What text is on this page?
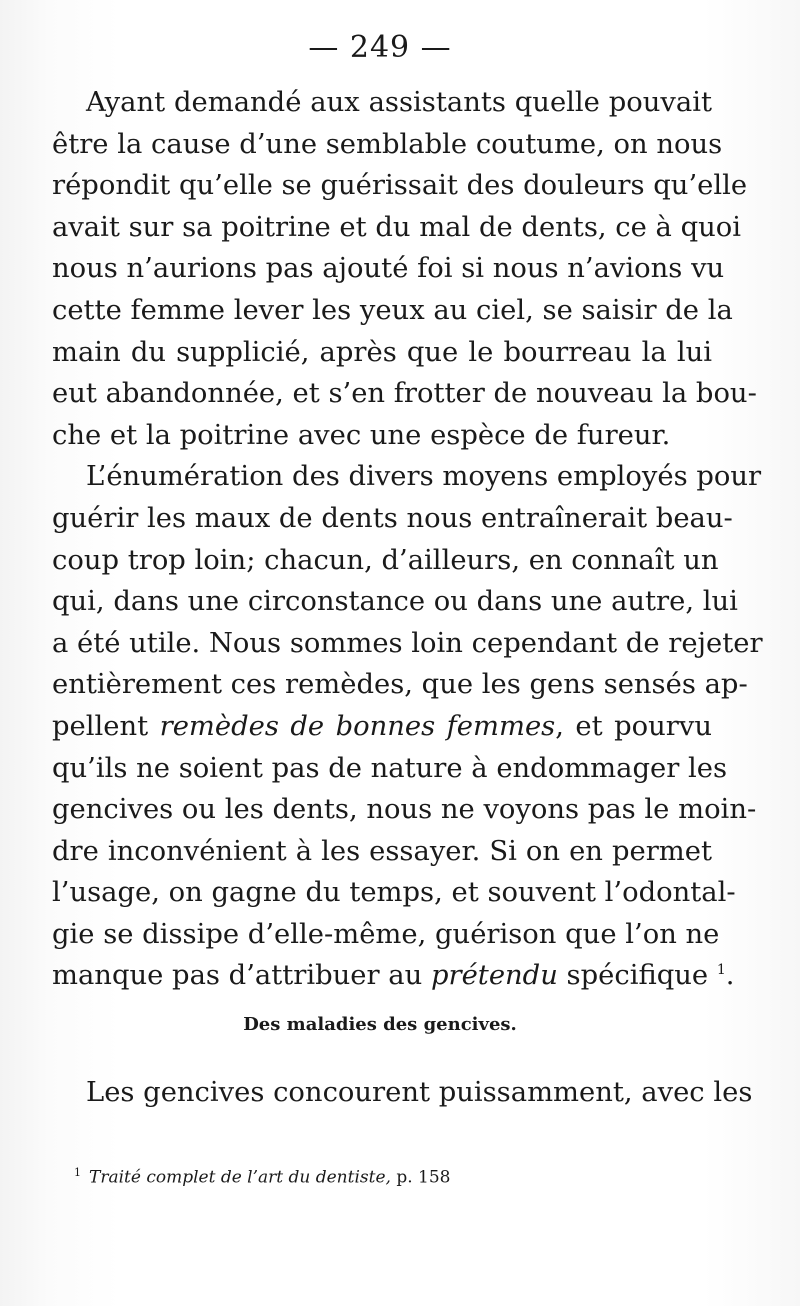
— 249 —
Ayant demandé aux assistants quelle pouvait
être la cause d’une semblable coutume, on nous
répondit qu’elle se guérissait des douleurs qu’elle
avait sur sa poitrine et du mal de dents, ce à quoi
nous n’aurions pas ajouté foi si nous n’avions vu
cette femme lever les yeux au ciel, se saisir de la
main du supplicié, après que le bourreau la lui
eut abandonnée, et s’en frotter de nouveau la bou-
che et la poitrine avec une espèce de fureur.
L’énumération des divers moyens employés pour
guérir les maux de dents nous entraînerait beau-
coup trop loin; chacun, d’ailleurs, en connaît un
qui, dans une circonstance ou dans une autre, lui
a été utile. Nous sommes loin cependant de rejeter
entièrement ces remèdes, que les gens sensés ap-
pellent remèdes de bonnes femmes, et pourvu
qu’ils ne soient pas de nature à endommager les
gencives ou les dents, nous ne voyons pas le moin-
dre inconvénient à les essayer. Si on en permet
l’usage, on gagne du temps, et souvent l’odontal-
gie se dissipe d’elle-même, guérison que l’on ne
manque pas d’attribuer au prétendu spécifique $^1$.
Des maladies des gencives.
Les gencives concourent puissamment, avec les
$^1$ Traité complet de l’art du dentiste, p. 158
